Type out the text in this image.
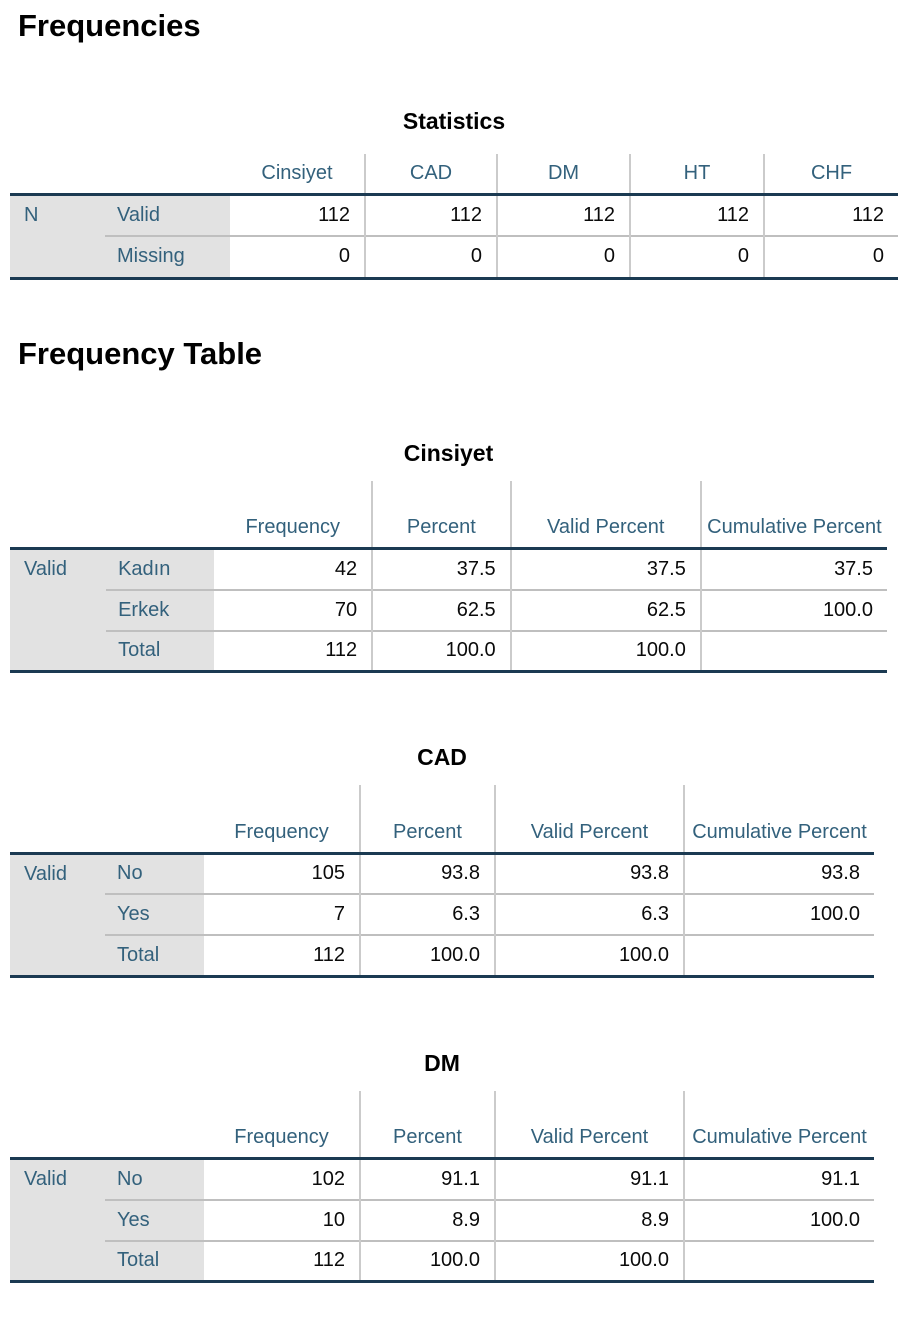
Frequencies
Statistics
		Cinsiyet	CAD	DM	HT	CHF
N	Valid	112	112	112	112	112
	Missing	0	0	0	0	0
Frequency Table
Cinsiyet
		Frequency	Percent	Valid Percent	Cumulative Percent
Valid	Kadın	42	37.5	37.5	37.5
	Erkek	70	62.5	62.5	100.0
	Total	112	100.0	100.0	
CAD
		Frequency	Percent	Valid Percent	Cumulative Percent
Valid	No	105	93.8	93.8	93.8
	Yes	7	6.3	6.3	100.0
	Total	112	100.0	100.0	
DM
		Frequency	Percent	Valid Percent	Cumulative Percent
Valid	No	102	91.1	91.1	91.1
	Yes	10	8.9	8.9	100.0
	Total	112	100.0	100.0	
